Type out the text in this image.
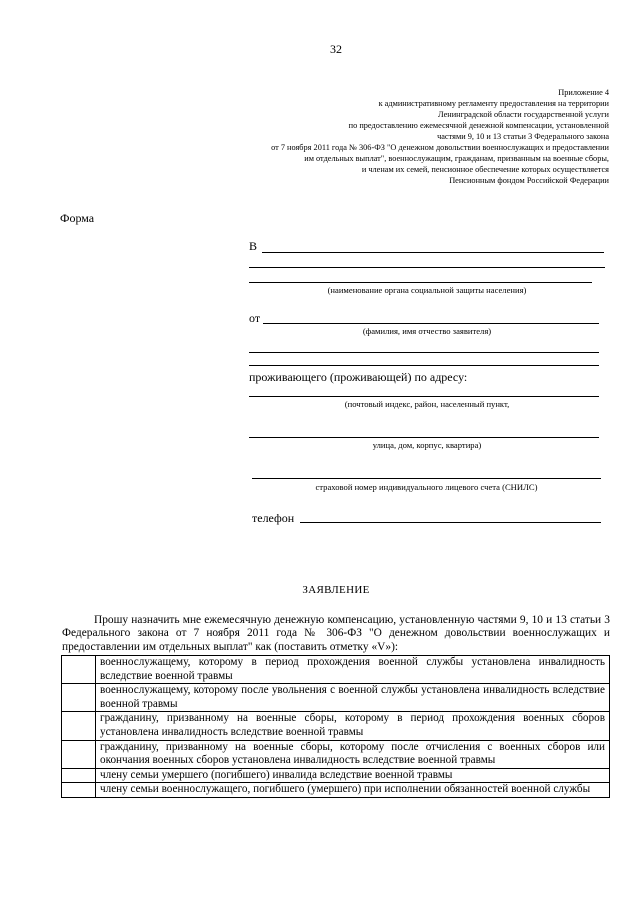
32
Приложение 4
к административному регламенту предоставления на территории
Ленинградской области государственной услуги
по предоставлению ежемесячной денежной компенсации, установленной
частями 9, 10 и 13 статьи 3 Федерального закона
от 7 ноября 2011 года № 306-ФЗ "О денежном довольствии военнослужащих и предоставлении
им отдельных выплат", военнослужащим, гражданам, призванным на военные сборы,
и членам их семей, пенсионное обеспечение которых осуществляется
Пенсионным фондом Российской Федерации
Форма
В
(наименование органа социальной защиты населения)
от
(фамилия, имя отчество заявителя)
проживающего (проживающей) по адресу:
(почтовый индекс, район, населенный пункт,
улица, дом, корпус, квартира)
страховой номер индивидуального лицевого счета (СНИЛС)
телефон
ЗАЯВЛЕНИЕ
Прошу назначить мне ежемесячную денежную компенсацию, установленную частями 9, 10 и 13 статьи 3 Федерального закона от 7 ноября 2011 года № 306-ФЗ "О денежном довольствии военнослужащих и предоставлении им отдельных выплат" как (поставить отметку «V»):
	военнослужащему, которому в период прохождения военной службы установлена инвалидность вследствие военной травмы
	военнослужащему, которому после увольнения с военной службы установлена инвалидность вследствие военной травмы
	гражданину, призванному на военные сборы, которому в период прохождения военных сборов установлена инвалидность вследствие военной травмы
	гражданину, призванному на военные сборы, которому после отчисления с военных сборов или окончания военных сборов установлена инвалидность вследствие военной травмы
	члену семьи умершего (погибшего) инвалида вследствие военной травмы
	члену семьи военнослужащего, погибшего (умершего) при исполнении обязанностей военной службы
